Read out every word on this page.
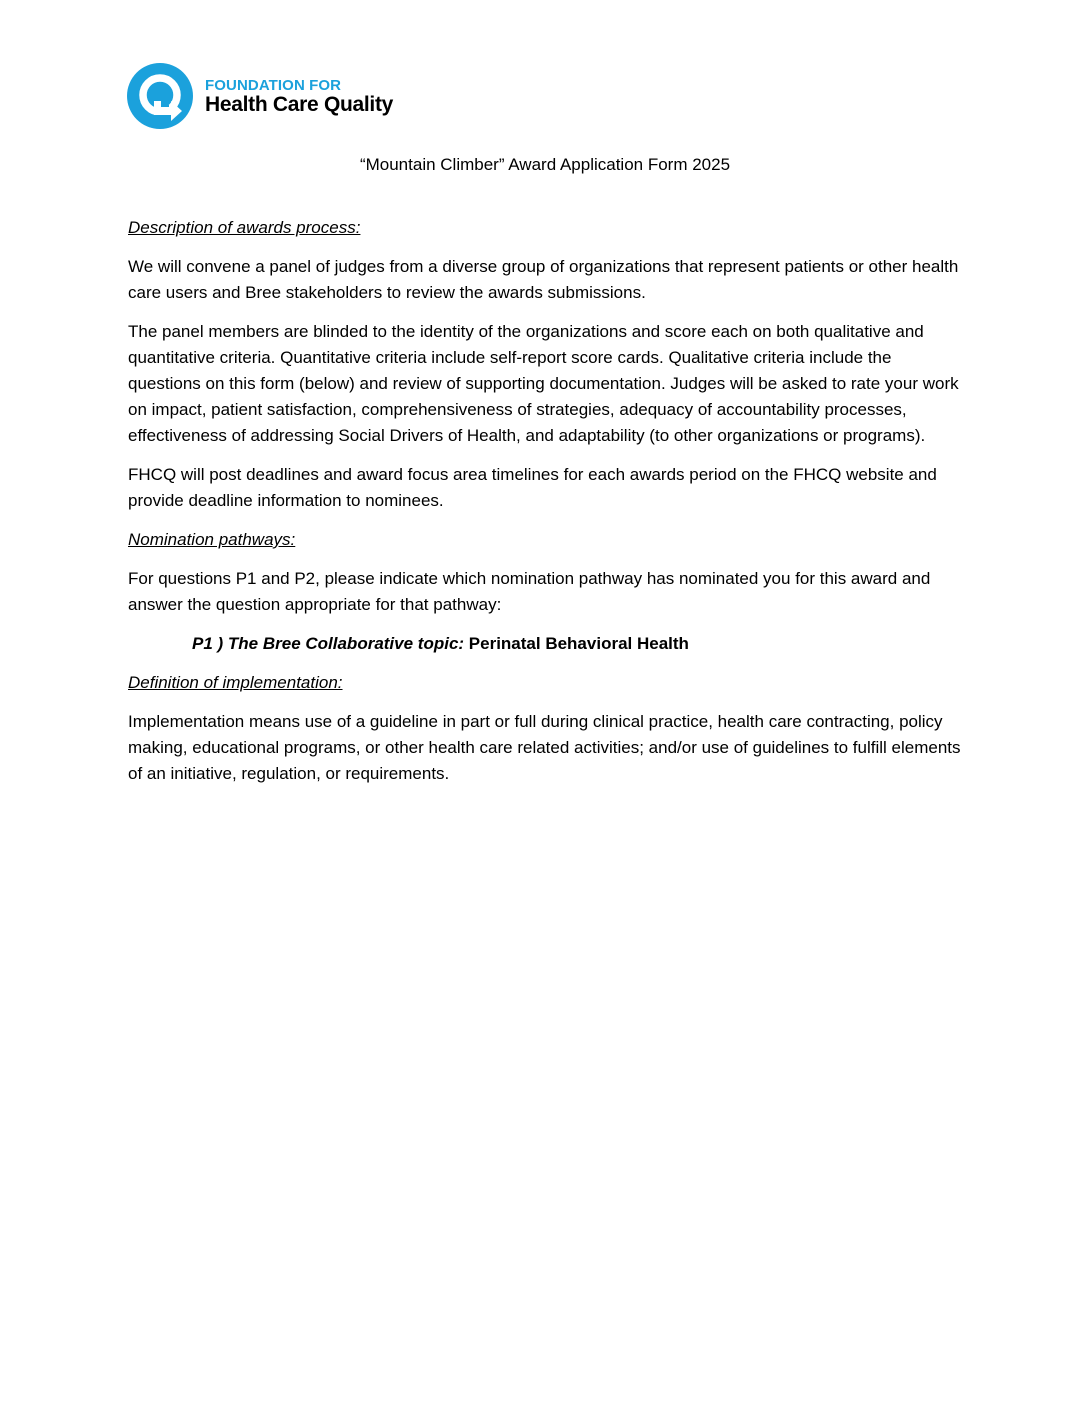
FOUNDATION FOR
Health Care Quality
“Mountain Climber” Award Application Form 2025
Description of awards process:
We will convene a panel of judges from a diverse group of organizations that represent patients or other health care users and Bree stakeholders to review the awards submissions.
The panel members are blinded to the identity of the organizations and score each on both qualitative and quantitative criteria. Quantitative criteria include self-report score cards. Qualitative criteria include the questions on this form (below) and review of supporting documentation. Judges will be asked to rate your work on impact, patient satisfaction, comprehensiveness of strategies, adequacy of accountability processes, effectiveness of addressing Social Drivers of Health, and adaptability (to other organizations or programs).
FHCQ will post deadlines and award focus area timelines for each awards period on the FHCQ website and provide deadline information to nominees.
Nomination pathways:
For questions P1 and P2, please indicate which nomination pathway has nominated you for this award and answer the question appropriate for that pathway:
P1 ) The Bree Collaborative topic: Perinatal Behavioral Health
Definition of implementation:
Implementation means use of a guideline in part or full during clinical practice, health care contracting, policy making, educational programs, or other health care related activities; and/or use of guidelines to fulfill elements of an initiative, regulation, or requirements.
